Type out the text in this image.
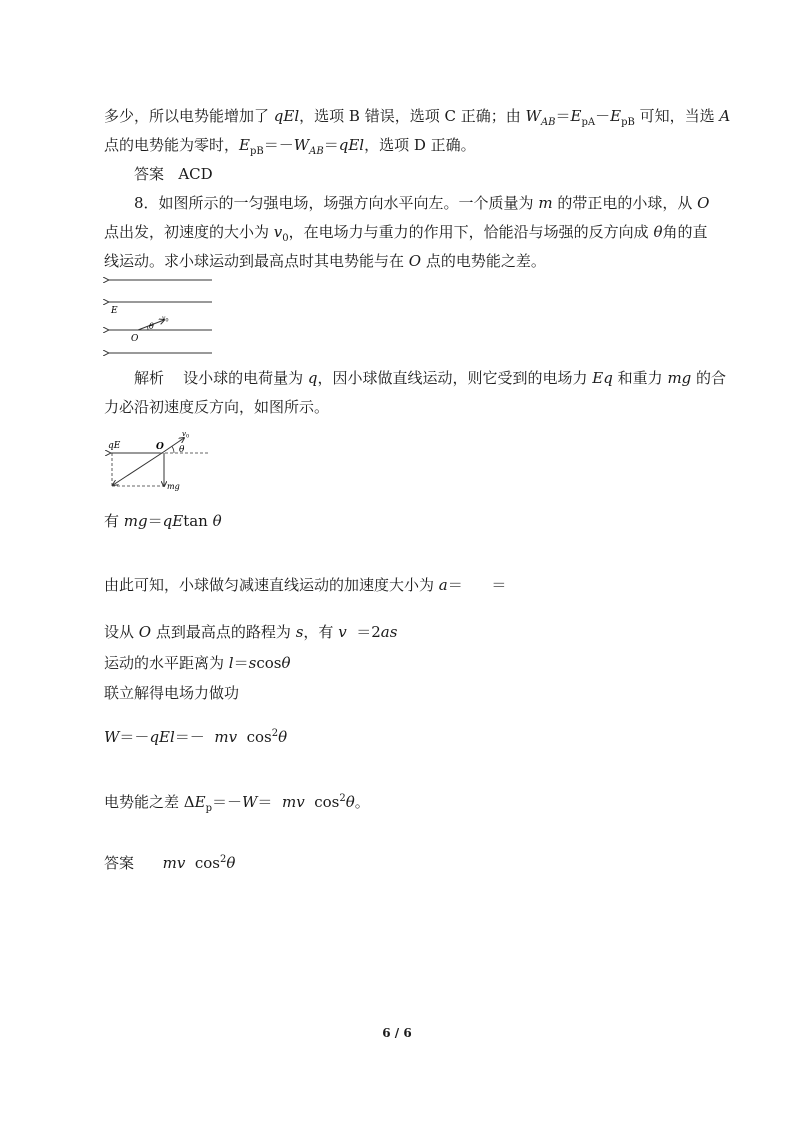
多少，所以电势能增加了 qEl，选项 B 错误，选项 C 正确；由 $W_{AB}=E_{pA}-E_{pB}$ 可知，当选 A
点的电势能为零时，$E_{pB}=-W_{AB}=qEl$，选项 D 正确。
答案 ACD
8．如图所示的一匀强电场，场强方向水平向左。一个质量为 m 的带正电的小球，从 O
点出发，初速度的大小为 $v_0$，在电场力与重力的作用下，恰能沿与场强的反方向成 θ角的直
线运动。求小球运动到最高点时其电势能与在 O 点的电势能之差。
E
O
θ
$v_0$
解析 设小球的电荷量为 q，因小球做直线运动，则它受到的电场力 Eq 和重力 mg 的合
力必沿初速度反方向，如图所示。
qE	O θ
$v_0$
mg
有 mg＝qEtan θ
由此可知，小球做匀减速直线运动的加速度大小为 a＝ ＝
设从 O 点到最高点的路程为 s，有 v ＝2as
运动的水平距离为 l＝scosθ
联立解得电场力做功
W＝－qEl＝－ mv $\cos^2\theta$
电势能之差 $\Delta E_p=-W=$ mv $\cos^2\theta$。
答案 mv $\cos^2\theta$
6 / 6
